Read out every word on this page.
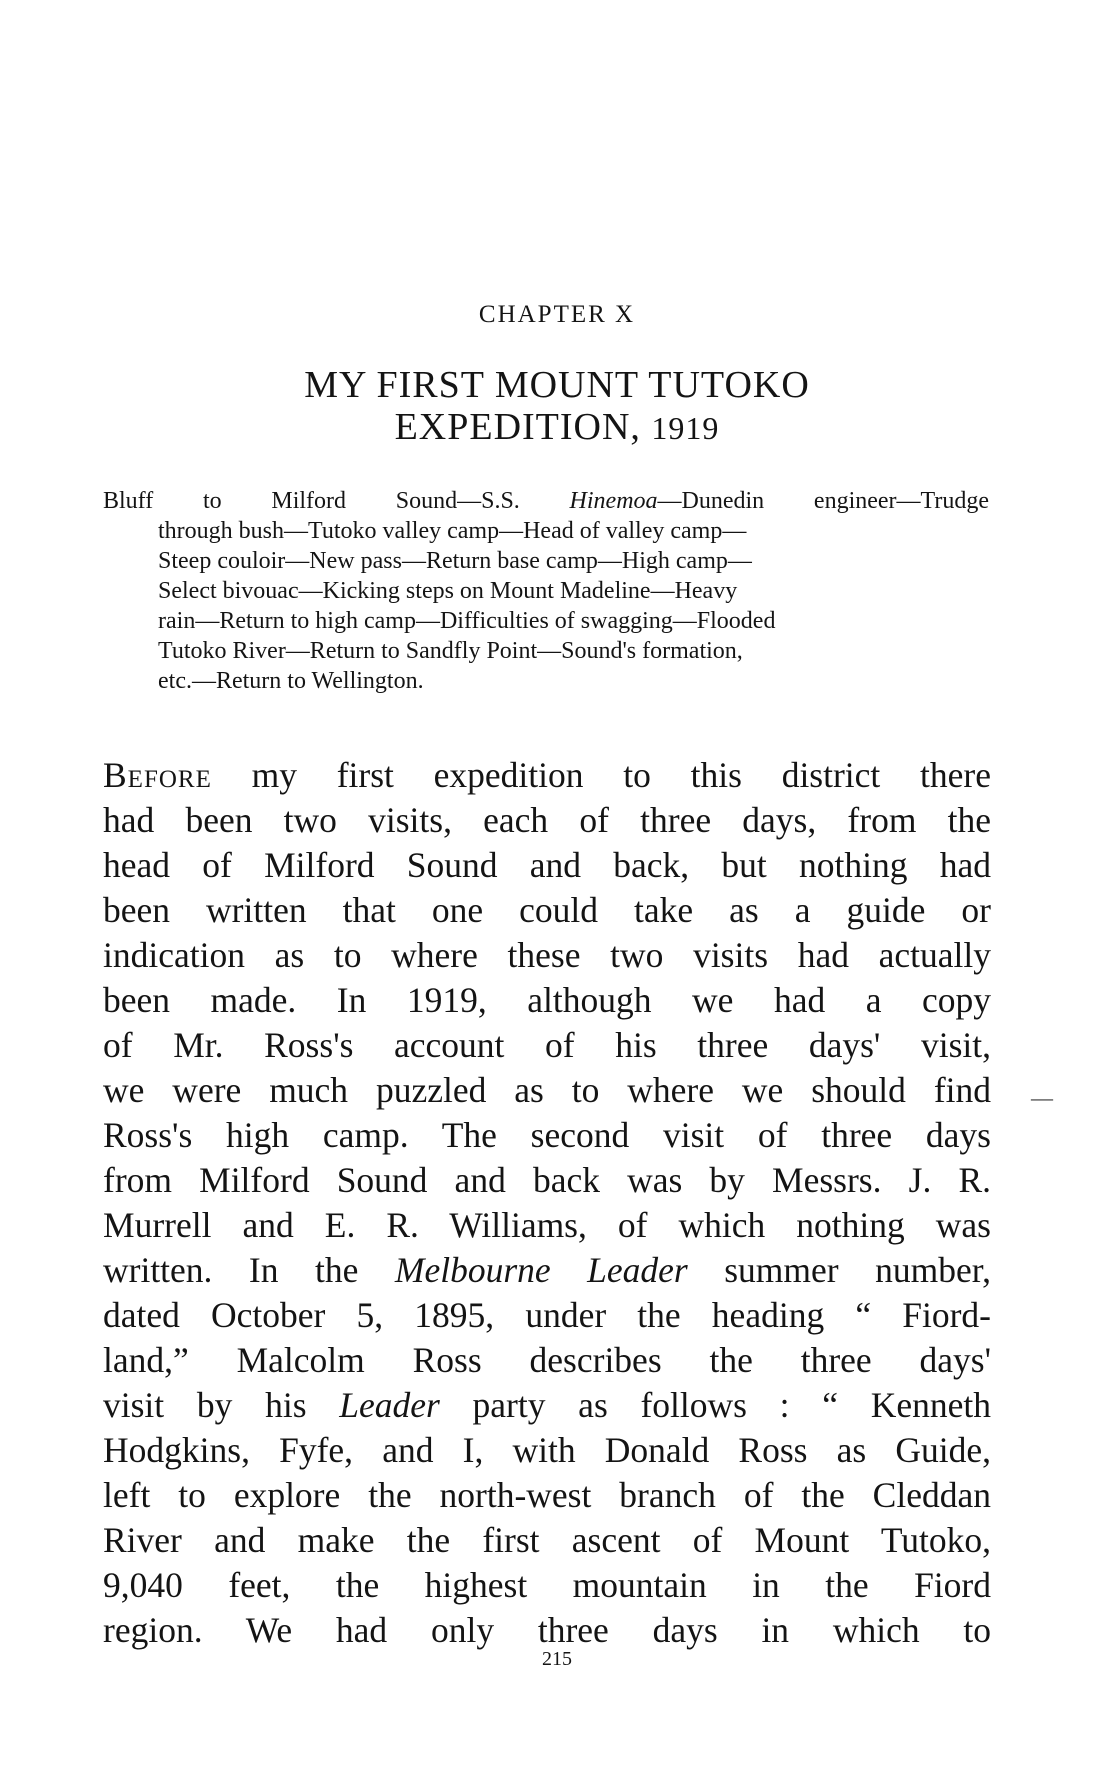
CHAPTER X
MY FIRST MOUNT TUTOKO
EXPEDITION, 1919
Bluff to Milford Sound—S.S. Hinemoa—Dunedin engineer—Trudge
through bush—Tutoko valley camp—Head of valley camp—
Steep couloir—New pass—Return base camp—High camp—
Select bivouac—Kicking steps on Mount Madeline—Heavy
rain—Return to high camp—Difficulties of swagging—Flooded
Tutoko River—Return to Sandfly Point—Sound's formation,
etc.—Return to Wellington.
Before my first expedition to this district there
had been two visits, each of three days, from the
head of Milford Sound and back, but nothing had
been written that one could take as a guide or
indication as to where these two visits had actually
been made. In 1919, although we had a copy
of Mr. Ross's account of his three days' visit,
we were much puzzled as to where we should find
Ross's high camp. The second visit of three days
from Milford Sound and back was by Messrs. J. R.
Murrell and E. R. Williams, of which nothing was
written. In the Melbourne Leader summer number,
dated October 5, 1895, under the heading “ Fiord-
land,” Malcolm Ross describes the three days'
visit by his Leader party as follows : “ Kenneth
Hodgkins, Fyfe, and I, with Donald Ross as Guide,
left to explore the north-west branch of the Cleddan
River and make the first ascent of Mount Tutoko,
9,040 feet, the highest mountain in the Fiord
region. We had only three days in which to
—
215
